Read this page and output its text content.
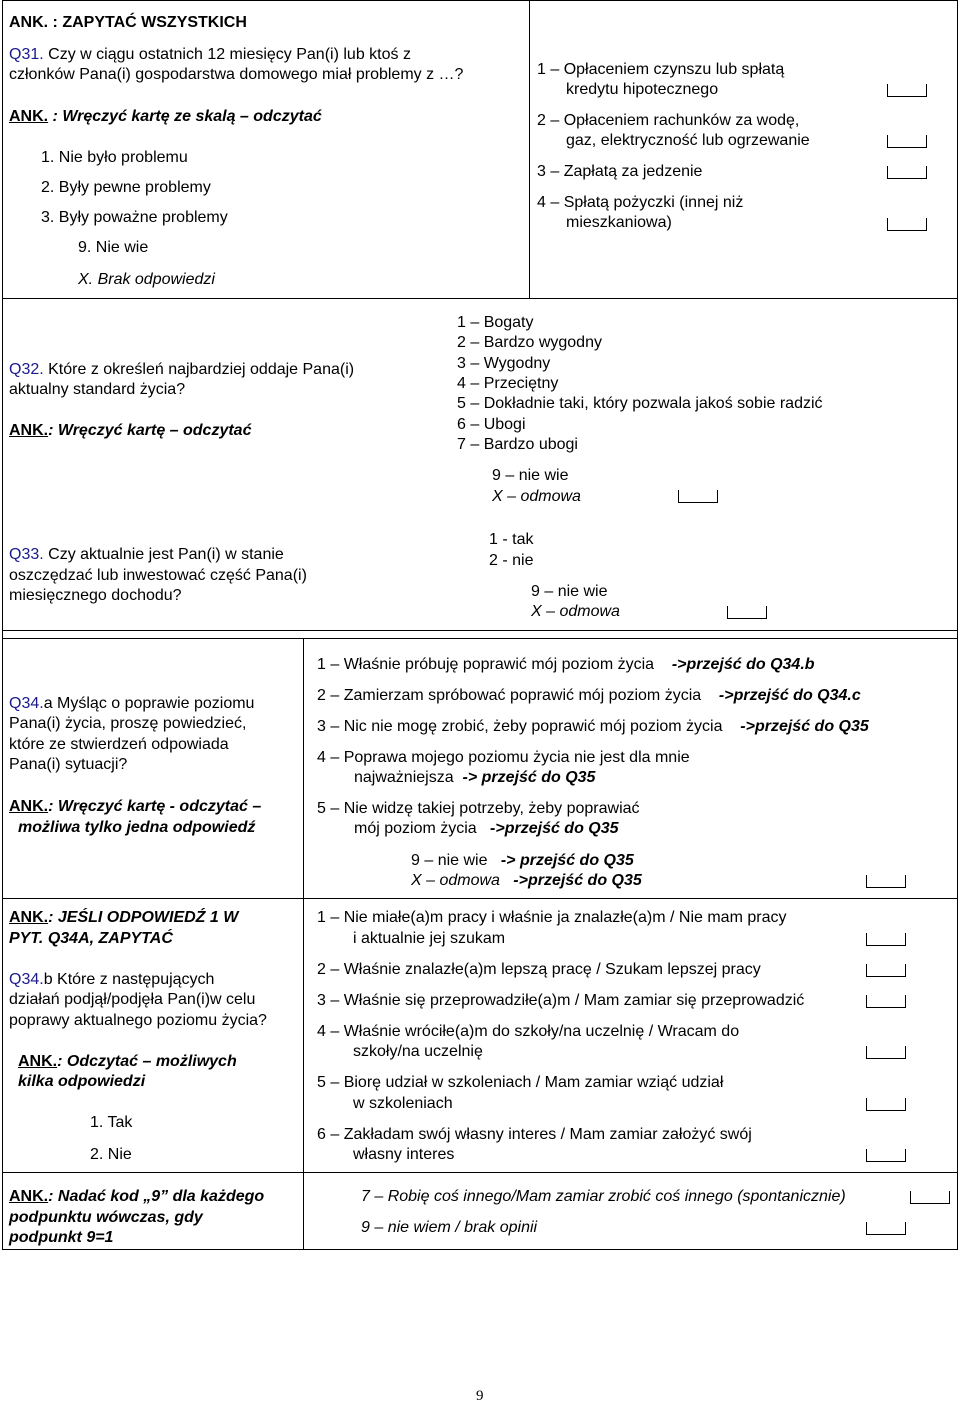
ANK. : ZAPYTAĆ WSZYSTKICH
Q31. Czy w ciągu ostatnich 12 miesięcy Pan(i) lub ktoś z
członków Pana(i) gospodarstwa domowego miał problemy z …?
ANK. : Wręczyć kartę ze skalą – odczytać
1. Nie było problemu
2. Były pewne problemy
3. Były poważne problemy
9. Nie wie
X. Brak odpowiedzi
1 – Opłaceniem czynszu lub spłatą
kredytu hipotecznego
2 – Opłaceniem rachunków za wodę,
gaz, elektryczność lub ogrzewanie
3 – Zapłatą za jedzenie
4 – Spłatą pożyczki (innej niż
mieszkaniowa)
Q32. Które z określeń najbardziej oddaje Pana(i)
aktualny standard życia?
ANK.: Wręczyć kartę – odczytać
1 – Bogaty
2 – Bardzo wygodny
3 – Wygodny
4 – Przeciętny
5 – Dokładnie taki, który pozwala jakoś sobie radzić
6 – Ubogi
7 – Bardzo ubogi
9 – nie wie
X – odmowa
Q33. Czy aktualnie jest Pan(i) w stanie
oszczędzać lub inwestować część Pana(i)
miesięcznego dochodu?
1 - tak
2 - nie
9 – nie wie
X – odmowa
Q34.a Myśląc o poprawie poziomu
Pana(i) życia, proszę powiedzieć,
które ze stwierdzeń odpowiada
Pana(i) sytuacji?
ANK.: Wręczyć kartę - odczytać –
możliwa tylko jedna odpowiedź
1 – Właśnie próbuję poprawić mój poziom życia ->przejść do Q34.b
2 – Zamierzam spróbować poprawić mój poziom życia ->przejść do Q34.c
3 – Nic nie mogę zrobić, żeby poprawić mój poziom życia ->przejść do Q35
4 – Poprawa mojego poziomu życia nie jest dla mnie
najważniejsza -> przejść do Q35
5 – Nie widzę takiej potrzeby, żeby poprawiać
mój poziom życia ->przejść do Q35
9 – nie wie -> przejść do Q35
X – odmowa ->przejść do Q35
ANK.: JEŚLI ODPOWIEDŹ 1 W
PYT. Q34A, ZAPYTAĆ
Q34.b Które z następujących
działań podjął/podjęła Pan(i)w celu
poprawy aktualnego poziomu życia?
ANK.: Odczytać – możliwych
kilka odpowiedzi
1. Tak
2. Nie
1 – Nie miałe(a)m pracy i właśnie ja znalazłe(a)m / Nie mam pracy
i aktualnie jej szukam
2 – Właśnie znalazłe(a)m lepszą pracę / Szukam lepszej pracy
3 – Właśnie się przeprowadziłe(a)m / Mam zamiar się przeprowadzić
4 – Właśnie wróciłe(a)m do szkoły/na uczelnię / Wracam do
szkoły/na uczelnię
5 – Biorę udział w szkoleniach / Mam zamiar wziąć udział
w szkoleniach
6 – Zakładam swój własny interes / Mam zamiar założyć swój
własny interes
ANK.: Nadać kod „9” dla każdego
podpunktu wówczas, gdy
podpunkt 9=1
7 – Robię coś innego/Mam zamiar zrobić coś innego (spontanicznie)
9 – nie wiem / brak opinii
9
